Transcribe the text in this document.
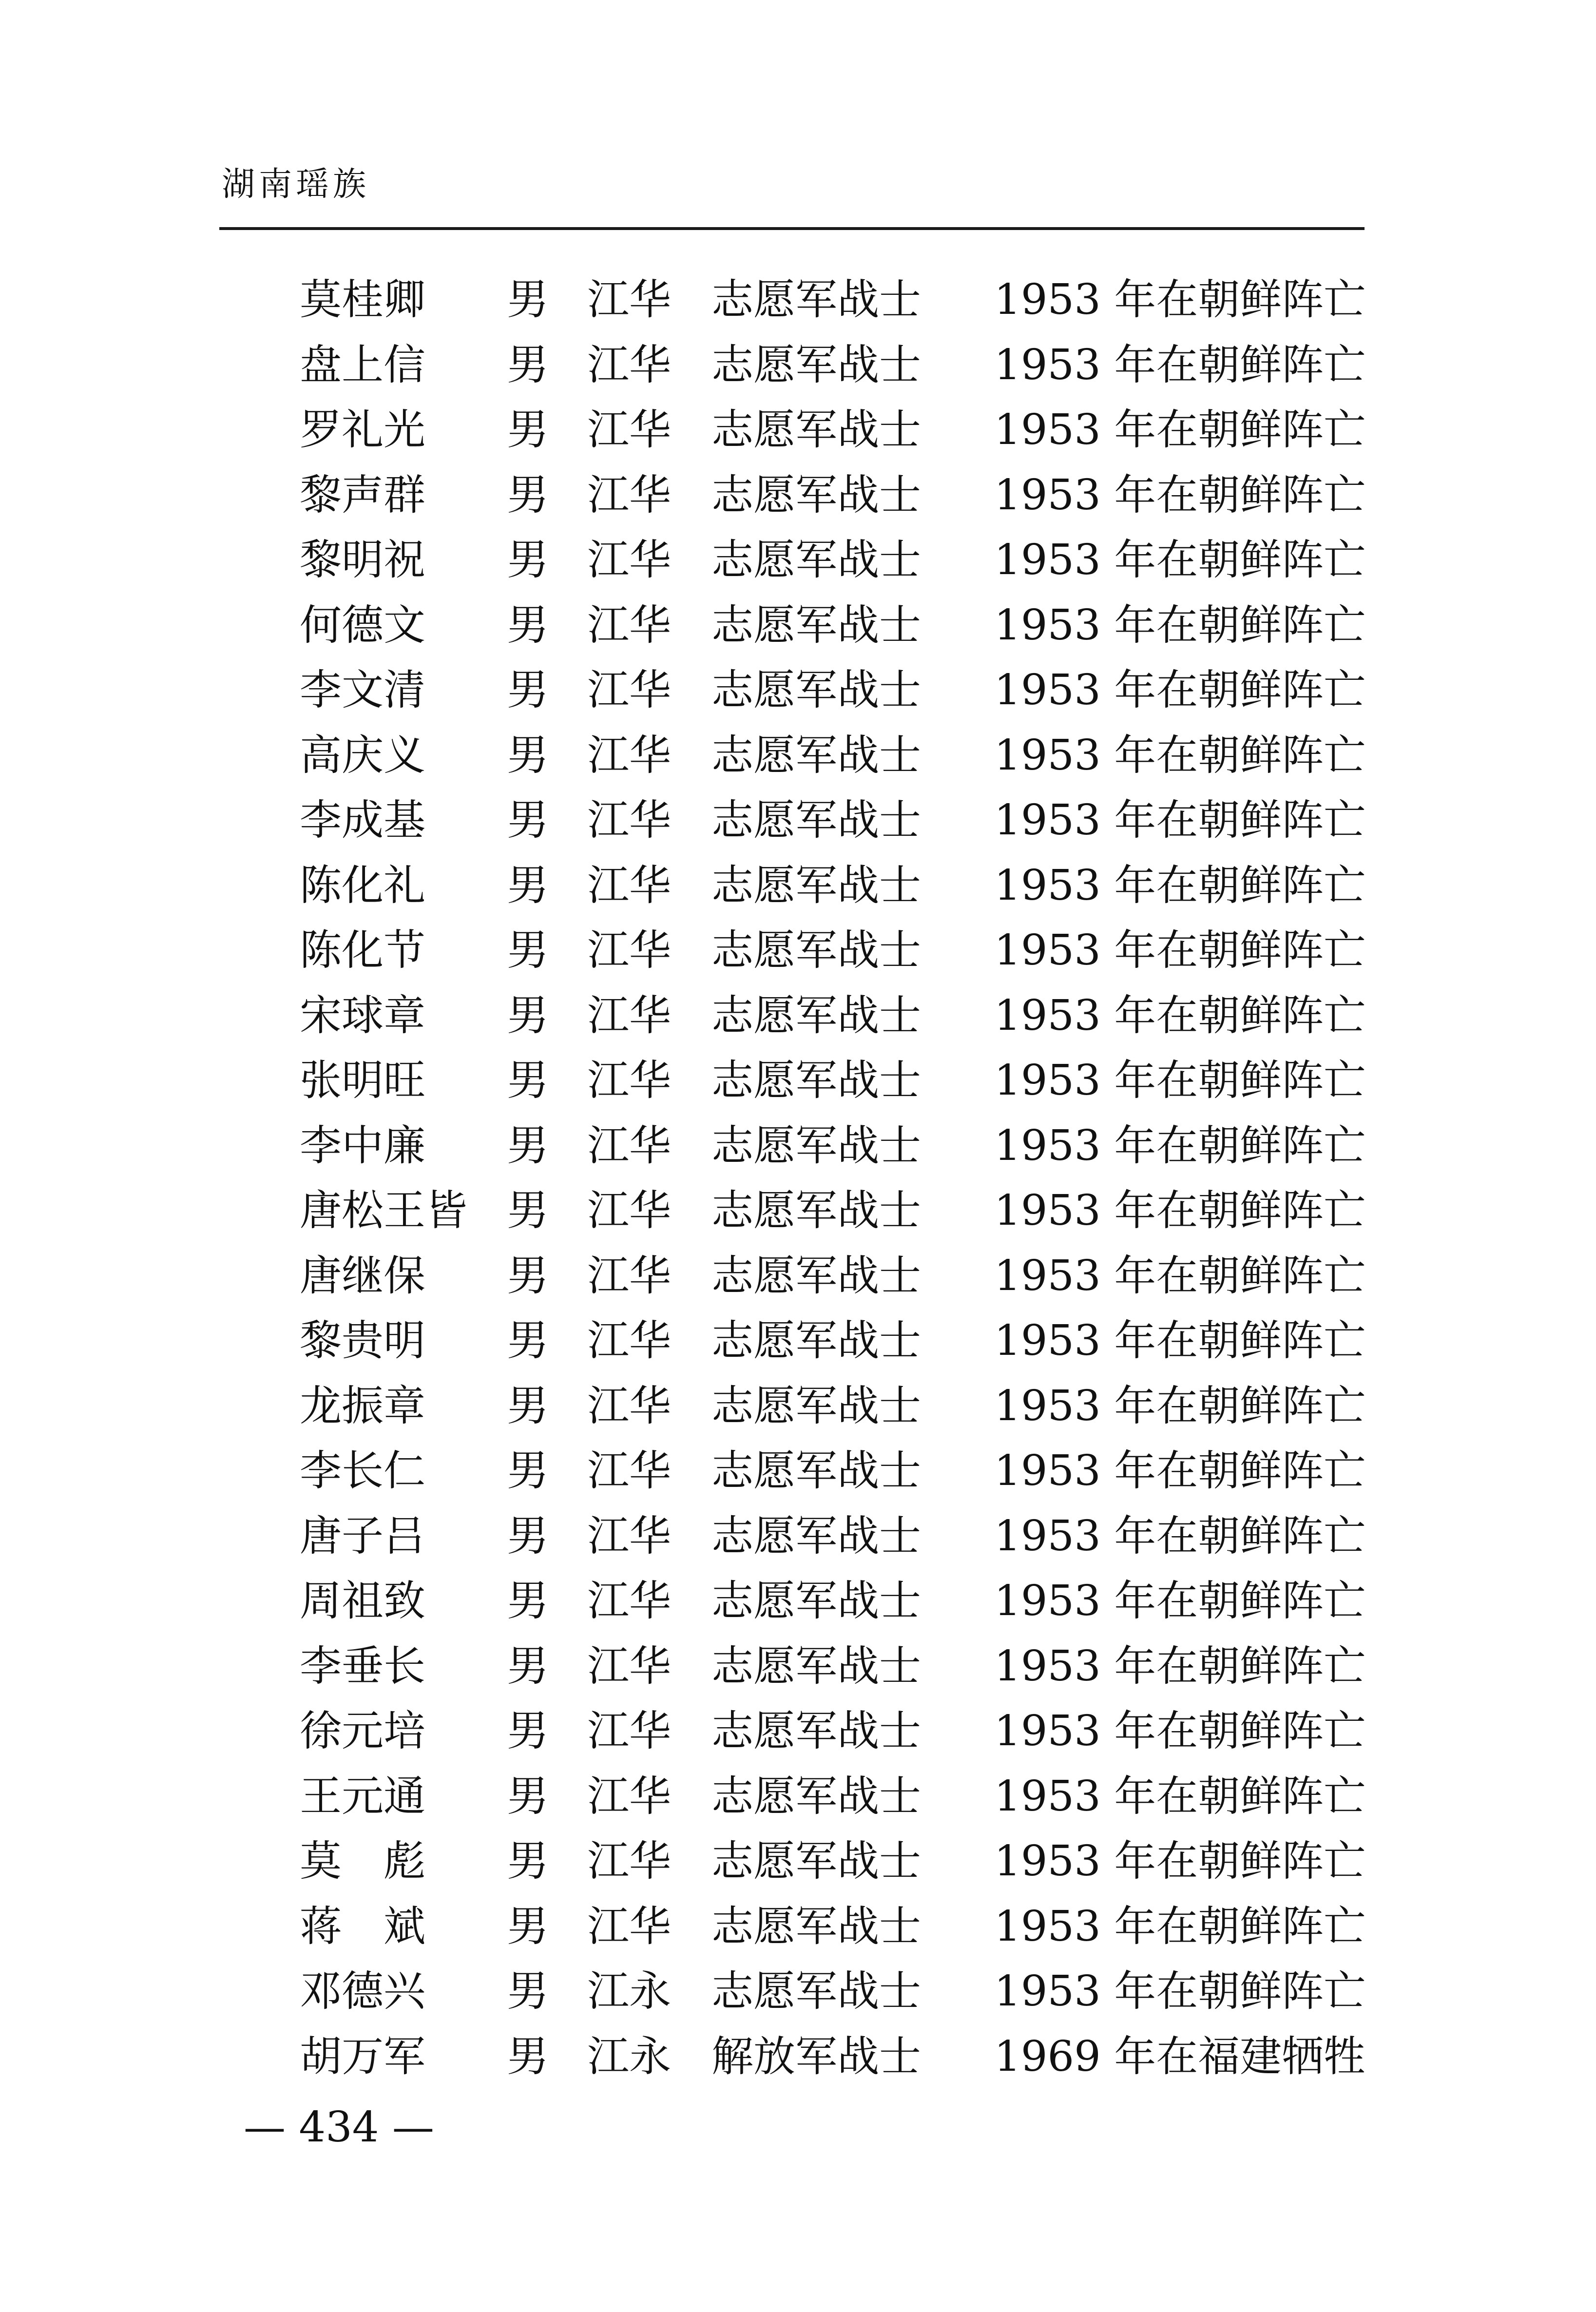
湖南瑶族
莫桂卿	男 江华 志愿军战士 1953 年在朝鲜阵亡
盘上信	男 江华 志愿军战士 1953 年在朝鲜阵亡
罗礼光	男 江华 志愿军战士 1953 年在朝鲜阵亡
黎声群	男 江华 志愿军战士 1953 年在朝鲜阵亡
黎明祝	男 江华 志愿军战士 1953 年在朝鲜阵亡
何德文	男 江华 志愿军战士 1953 年在朝鲜阵亡
李文清	男 江华 志愿军战士 1953 年在朝鲜阵亡
高庆义	男 江华 志愿军战士 1953 年在朝鲜阵亡
李成基	男 江华 志愿军战士 1953 年在朝鲜阵亡
陈化礼	男 江华 志愿军战士 1953 年在朝鲜阵亡
陈化节	男 江华 志愿军战士 1953 年在朝鲜阵亡
宋球章	男 江华 志愿军战士 1953 年在朝鲜阵亡
张明旺	男 江华 志愿军战士 1953 年在朝鲜阵亡
李中廉	男 江华 志愿军战士 1953 年在朝鲜阵亡
唐松王皆 男 江华 志愿军战士 1953 年在朝鲜阵亡
唐继保	男 江华 志愿军战士 1953 年在朝鲜阵亡
黎贵明	男 江华 志愿军战士 1953 年在朝鲜阵亡
龙振章	男 江华 志愿军战士 1953 年在朝鲜阵亡
李长仁	男 江华 志愿军战士 1953 年在朝鲜阵亡
唐子吕	男 江华 志愿军战士 1953 年在朝鲜阵亡
周祖致	男 江华 志愿军战士 1953 年在朝鲜阵亡
李垂长	男 江华 志愿军战士 1953 年在朝鲜阵亡
徐元培	男 江华 志愿军战士 1953 年在朝鲜阵亡
王元通	男 江华 志愿军战士 1953 年在朝鲜阵亡
莫　彪	男 江华 志愿军战士 1953 年在朝鲜阵亡
蒋　斌	男 江华 志愿军战士 1953 年在朝鲜阵亡
邓德兴	男 江永 志愿军战士 1953 年在朝鲜阵亡
胡万军	男 江永 解放军战士 1969 年在福建牺牲
— 434 —
